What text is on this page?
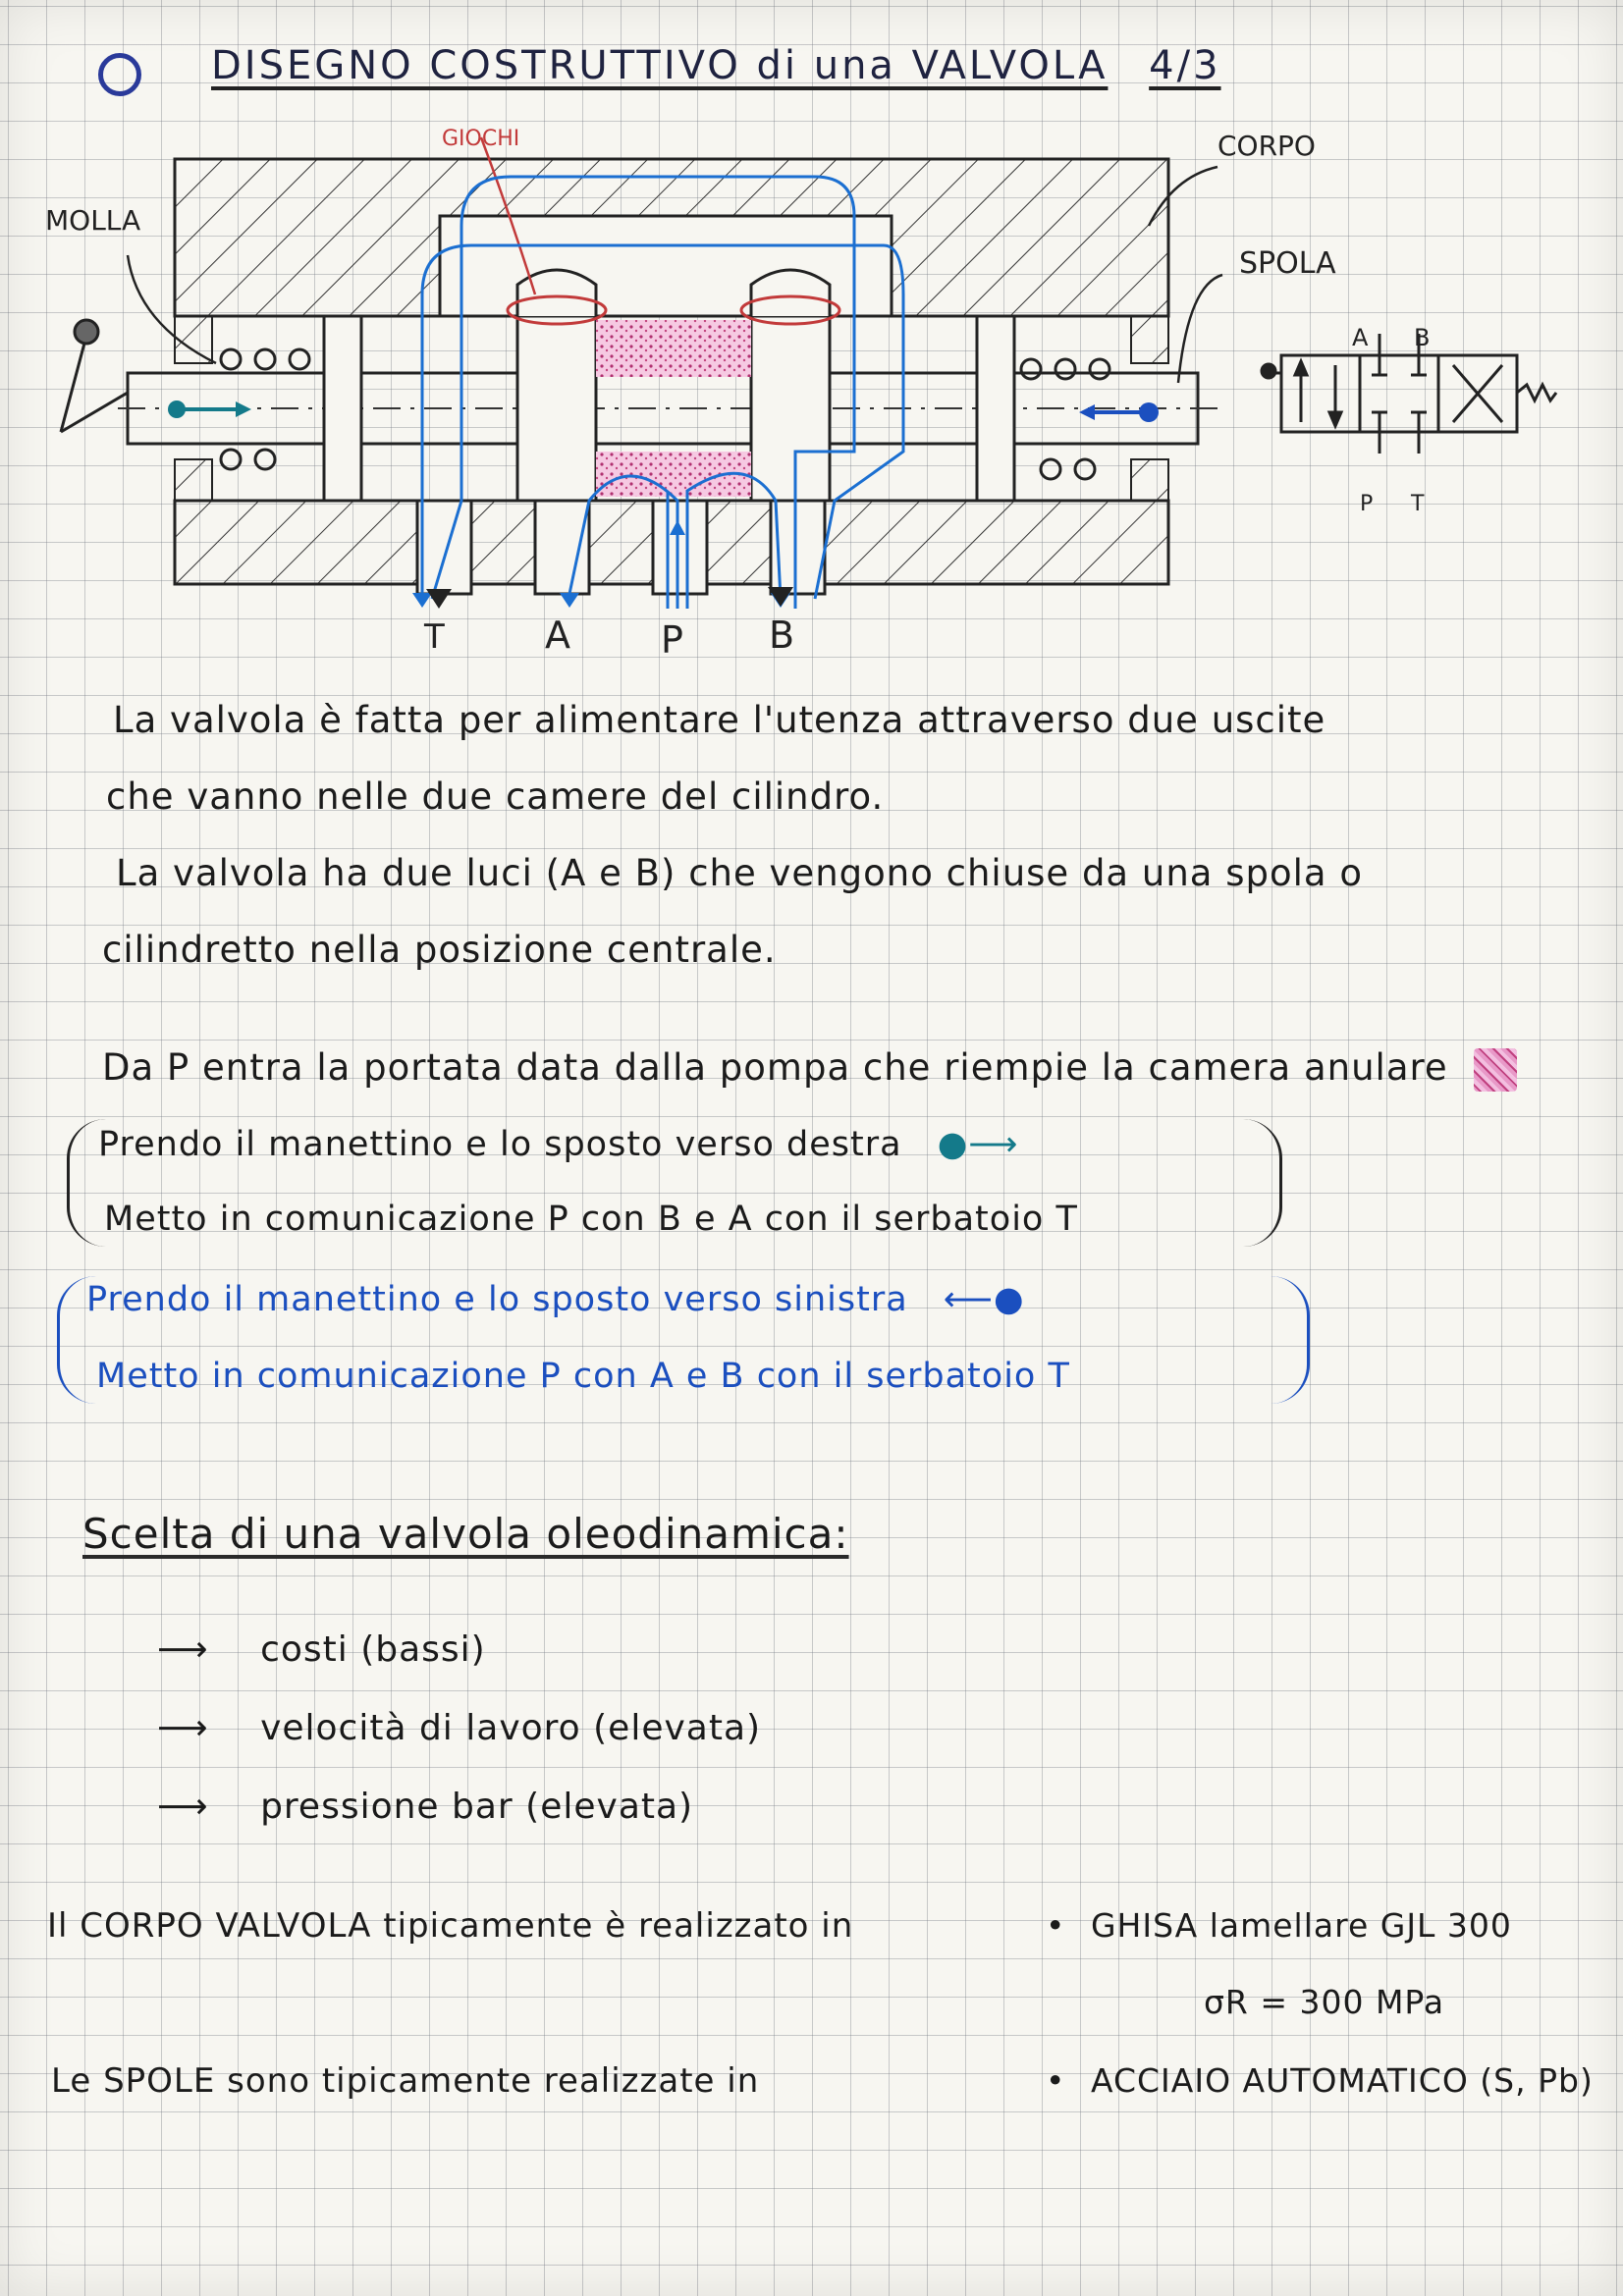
DISEGNO COSTRUTTIVO di una VALVOLA 4/3
GIOCHI	CORPO
MOLLA
SPOLA
T	A P B
A B
P T
La valvola è fatta per alimentare l'utenza attraverso due uscite
che vanno nelle due camere del cilindro.
La valvola ha due luci (A e B) che vengono chiuse da una spola o
cilindretto nella posizione centrale.
Da P entra la portata data dalla pompa che riempie la camera anulare
Prendo il manettino e lo sposto verso destra ●⟶
Metto in comunicazione P con B e A con il serbatoio T
Prendo il manettino e lo sposto verso sinistra ⟵●
Metto in comunicazione P con A e B con il serbatoio T
Scelta di una valvola oleodinamica:
⟶ costi (bassi)
⟶ velocità di lavoro (elevata)
⟶ pressione bar (elevata)
Il CORPO VALVOLA tipicamente è realizzato in	• GHISA lamellare GJL 300
σR = 300 MPa
Le SPOLE sono tipicamente realizzate in	• ACCIAIO AUTOMATICO (S, Pb)
